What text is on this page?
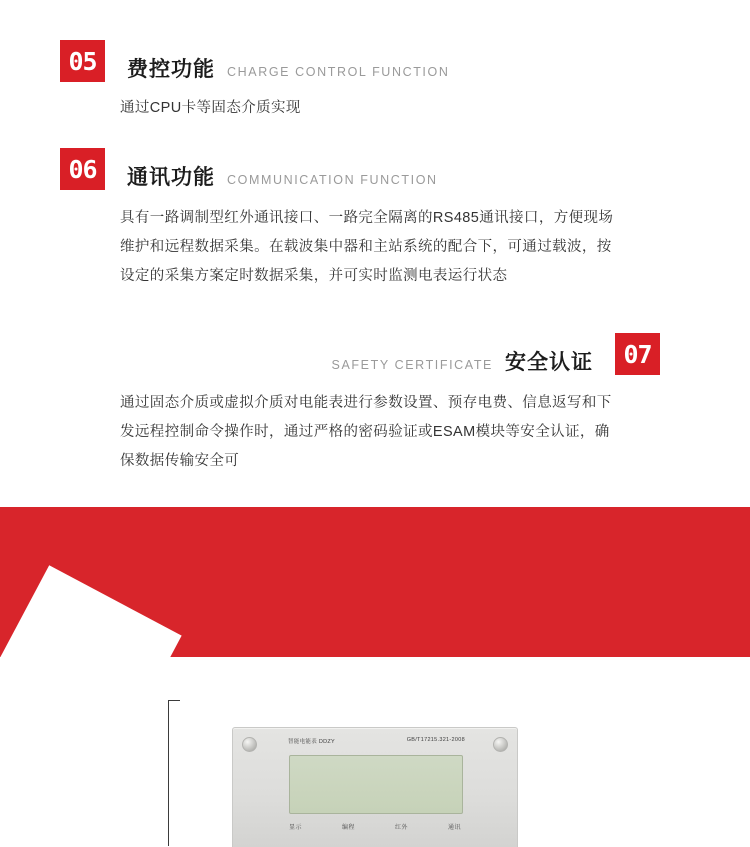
05	费控功能 CHARGE CONTROL FUNCTION
通过CPU卡等固态介质实现
06	通讯功能 COMMUNICATION FUNCTION
具有一路调制型红外通讯接口、一路完全隔离的RS485通讯接口，方便现场维护和远程数据采集。在载波集中器和主站系统的配合下，可通过载波，按设定的采集方案定时数据采集，并可实时监测电表运行状态
SAFETY CERTIFICATE 安全认证	07
通过固态介质或虚拟介质对电能表进行参数设置、预存电费、信息返写和下发远程控制命令操作时，通过严格的密码验证或ESAM模块等安全认证，确保数据传输安全可
智能电能表 DDZY	GB/T17215.321-2008
显示	编程	红外	通讯
